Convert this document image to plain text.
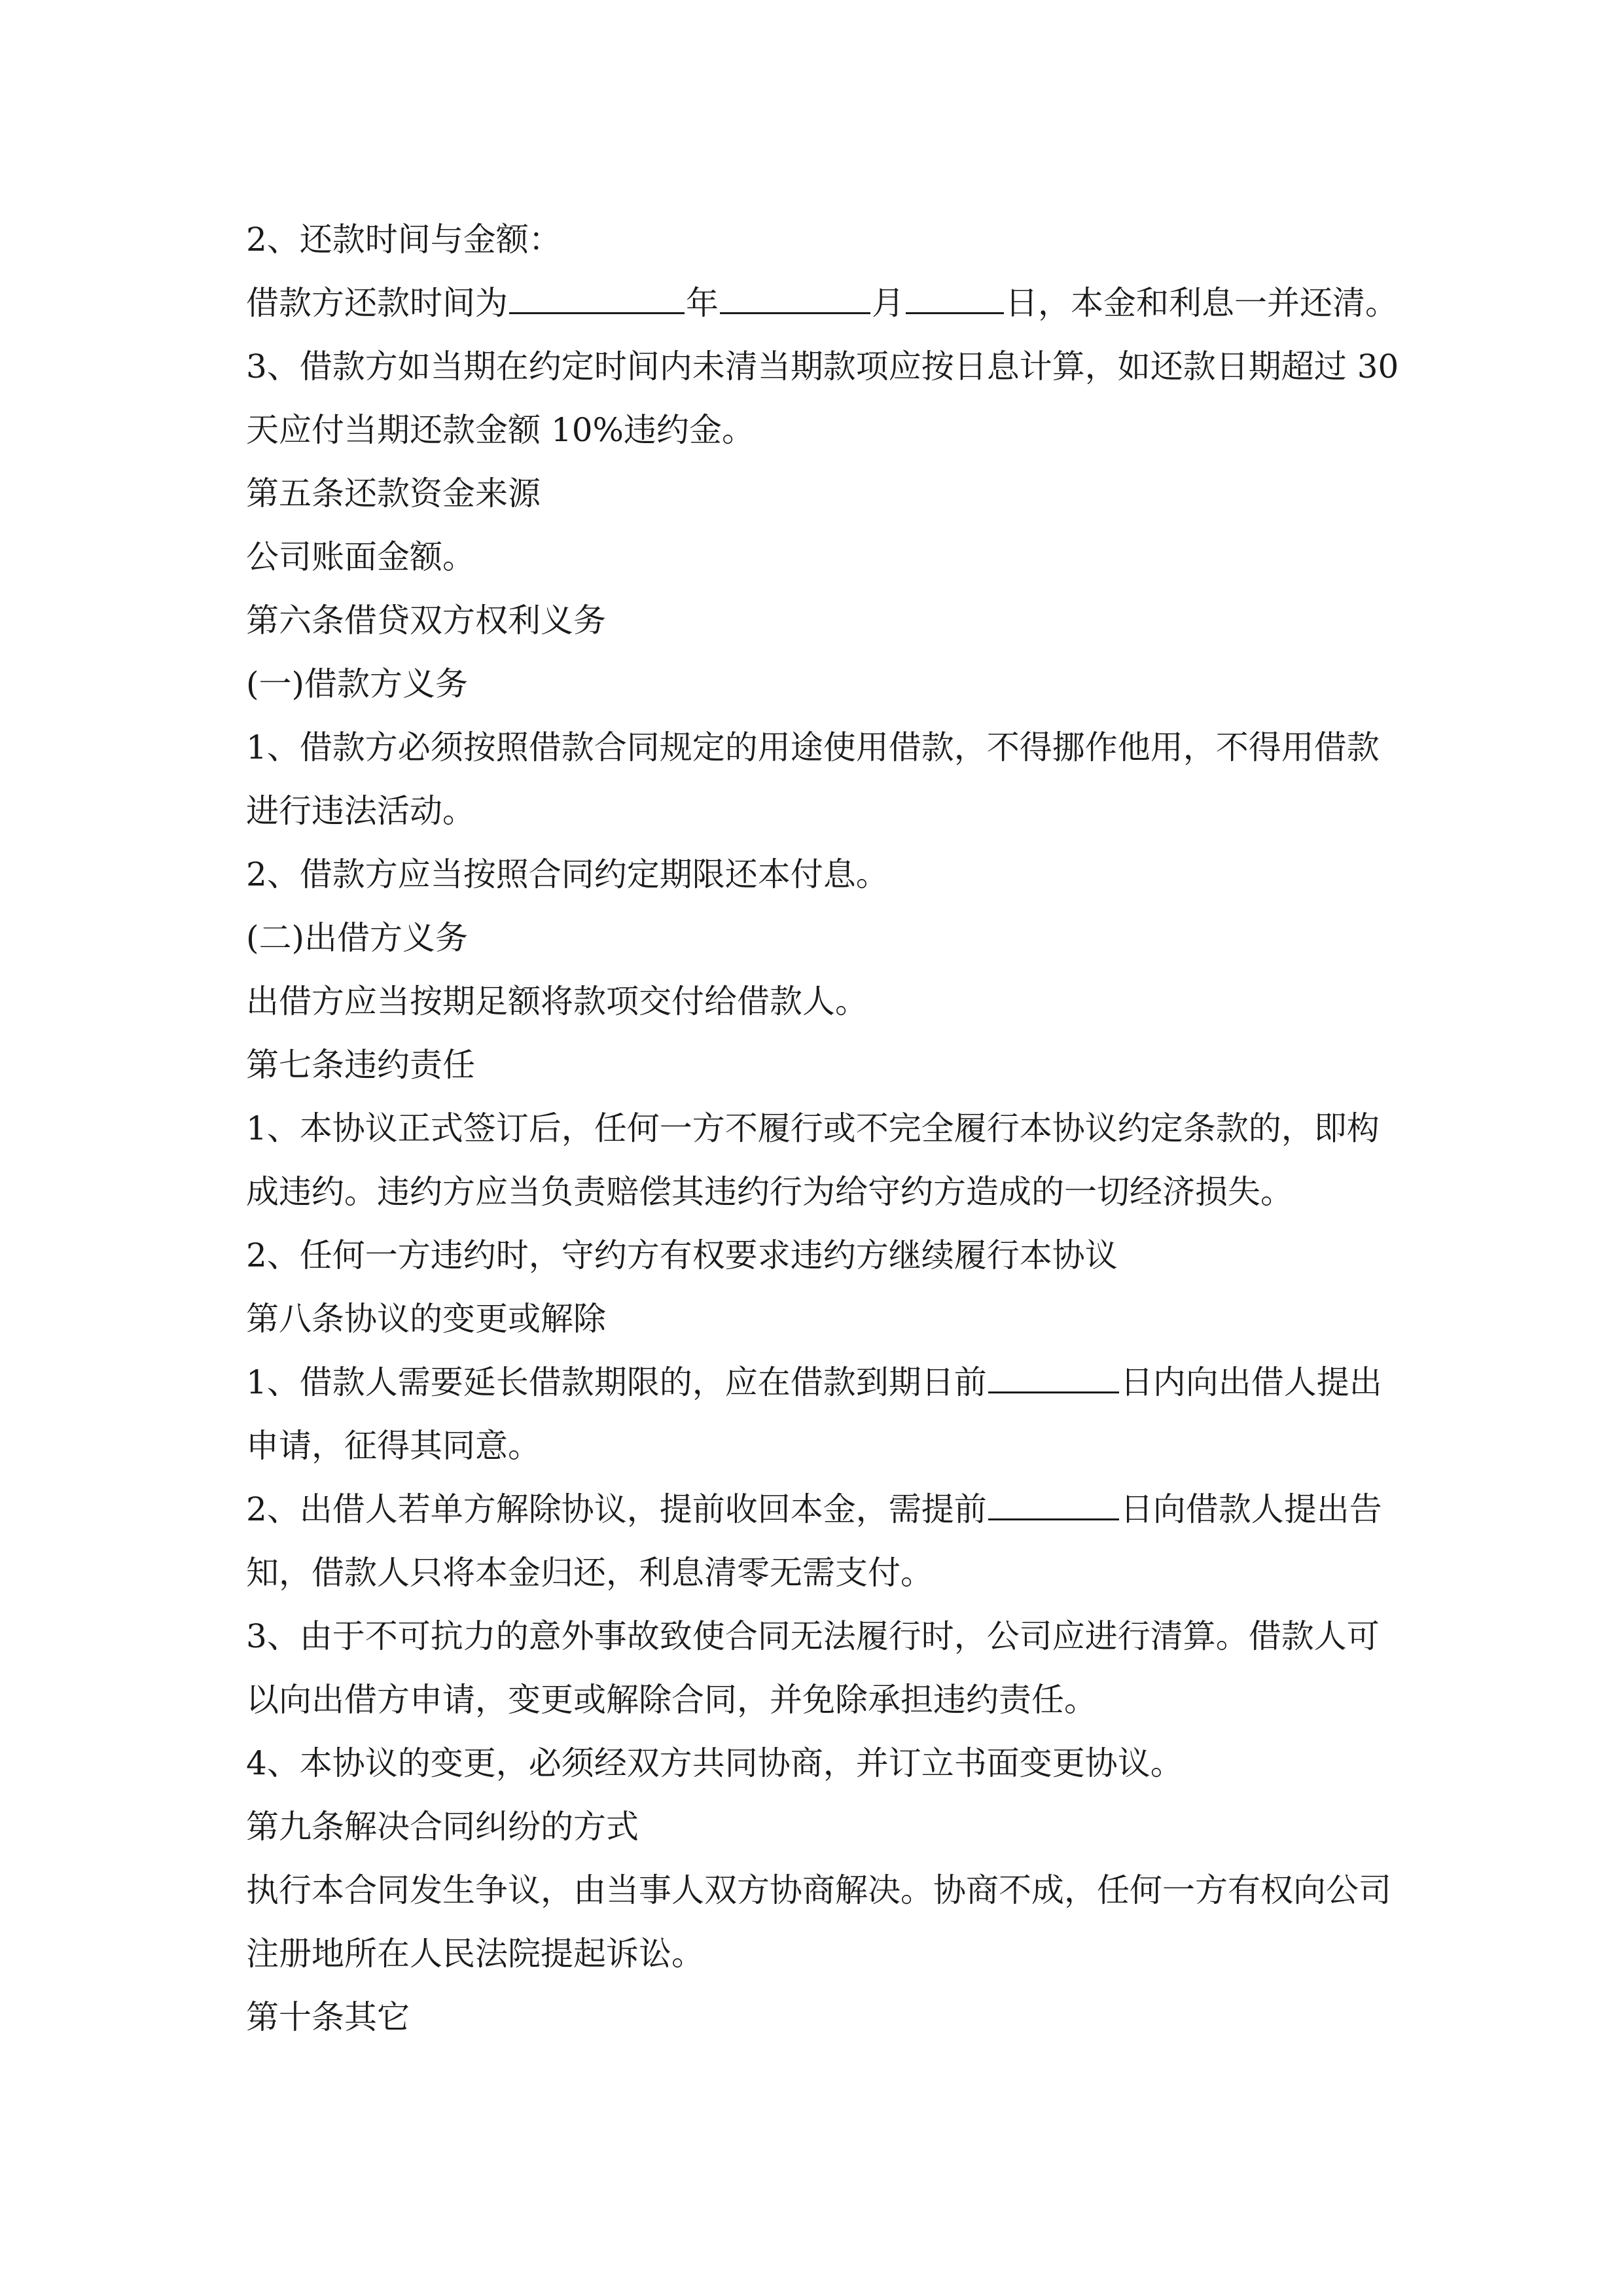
2、还款时间与金额：
借款方还款时间为	年	月	日，本金和利息一并还清。
3、借款方如当期在约定时间内未清当期款项应按日息计算，如还款日期超过 30
天应付当期还款金额 10%违约金。
第五条还款资金来源
公司账面金额。
第六条借贷双方权利义务
(一)借款方义务
1、借款方必须按照借款合同规定的用途使用借款，不得挪作他用，不得用借款
进行违法活动。
2、借款方应当按照合同约定期限还本付息。
(二)出借方义务
出借方应当按期足额将款项交付给借款人。
第七条违约责任
1、本协议正式签订后，任何一方不履行或不完全履行本协议约定条款的，即构
成违约。违约方应当负责赔偿其违约行为给守约方造成的一切经济损失。
2、任何一方违约时，守约方有权要求违约方继续履行本协议
第八条协议的变更或解除
1、借款人需要延长借款期限的，应在借款到期日前	日内向出借人提出
申请，征得其同意。
2、出借人若单方解除协议，提前收回本金，需提前	日向借款人提出告
知，借款人只将本金归还，利息清零无需支付。
3、由于不可抗力的意外事故致使合同无法履行时，公司应进行清算。借款人可
以向出借方申请，变更或解除合同，并免除承担违约责任。
4、本协议的变更，必须经双方共同协商，并订立书面变更协议。
第九条解决合同纠纷的方式
执行本合同发生争议，由当事人双方协商解决。协商不成，任何一方有权向公司
注册地所在人民法院提起诉讼。
第十条其它
